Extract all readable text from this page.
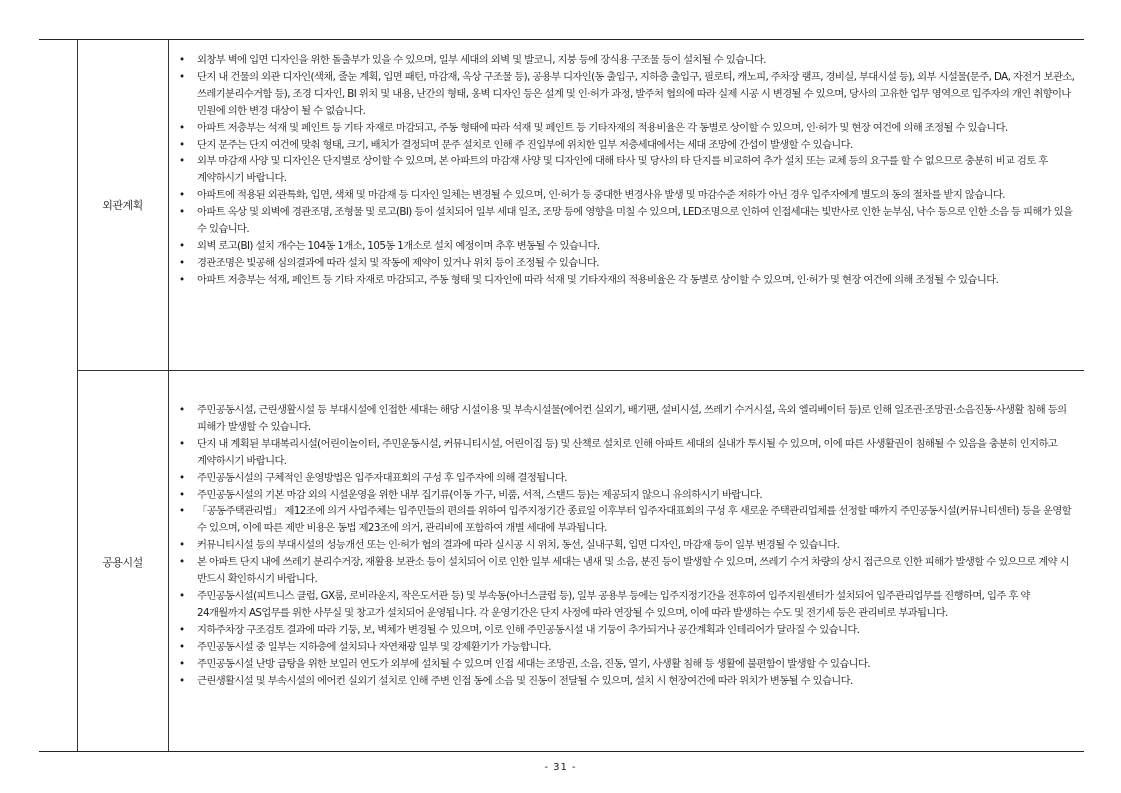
외관계획
• 외창부 벽에 입면 디자인을 위한 돌출부가 있을 수 있으며, 일부 세대의 외벽 및 발코니, 지붕 등에 장식용 구조물 등이 설치될 수 있습니다.
• 단지 내 건물의 외관 디자인(색채, 줄눈 계획, 입면 패턴, 마감재, 옥상 구조물 등), 공용부 디자인(동 출입구, 지하층 출입구, 필로티, 캐노피, 주차장 램프, 경비실, 부대시설 등), 외부 시설물(문주, DA, 자전거 보관소, 쓰레기분리수거함 등), 조경 디자인, BI 위치 및 내용, 난간의 형태, 옹벽 디자인 등은 설계 및 인·허가 과정, 발주처 협의에 따라 실제 시공 시 변경될 수 있으며, 당사의 고유한 업무 영역으로 입주자의 개인 취향이나 민원에 의한 변경 대상이 될 수 없습니다.
• 아파트 저층부는 석재 및 페인트 등 기타 자재로 마감되고, 주동 형태에 따라 석재 및 페인트 등 기타자재의 적용비율은 각 동별로 상이할 수 있으며, 인·허가 및 현장 여건에 의해 조정될 수 있습니다.
• 단지 문주는 단지 여건에 맞춰 형태, 크기, 배치가 결정되며 문주 설치로 인해 주 진입부에 위치한 일부 저층세대에서는 세대 조망에 간섭이 발생할 수 있습니다.
• 외부 마감재 사양 및 디자인은 단지별로 상이할 수 있으며, 본 아파트의 마감재 사양 및 디자인에 대해 타사 및 당사의 타 단지를 비교하여 추가 설치 또는 교체 등의 요구를 할 수 없으므로 충분히 비교 검토 후 계약하시기 바랍니다.
• 아파트에 적용된 외관특화, 입면, 색채 및 마감재 등 디자인 일체는 변경될 수 있으며, 인·허가 등 중대한 변경사유 발생 및 마감수준 저하가 아닌 경우 입주자에게 별도의 동의 절차를 받지 않습니다.
• 아파트 옥상 및 외벽에 경관조명, 조형물 및 로고(BI) 등이 설치되어 일부 세대 일조, 조망 등에 영향을 미칠 수 있으며, LED조명으로 인하여 인접세대는 빛반사로 인한 눈부심, 낙수 등으로 인한 소음 등 피해가 있을 수 있습니다.
• 외벽 로고(BI) 설치 개수는 104동 1개소, 105동 1개소로 설치 예정이며 추후 변동될 수 있습니다.
• 경관조명은 빛공해 심의결과에 따라 설치 및 작동에 제약이 있거나 위치 등이 조정될 수 있습니다.
• 아파트 저층부는 석재, 페인트 등 기타 자재로 마감되고, 주동 형태 및 디자인에 따라 석재 및 기타자재의 적용비율은 각 동별로 상이할 수 있으며, 인·허가 및 현장 여건에 의해 조정될 수 있습니다.
공용시설
• 주민공동시설, 근린생활시설 등 부대시설에 인접한 세대는 해당 시설이용 및 부속시설물(에어컨 실외기, 배기팬, 설비시설, 쓰레기 수거시설, 옥외 엘리베이터 등)로 인해 일조권·조망권·소음진동·사생활 침해 등의 피해가 발생할 수 있습니다.
• 단지 내 계획된 부대복리시설(어린이놀이터, 주민운동시설, 커뮤니티시설, 어린이집 등) 및 산책로 설치로 인해 아파트 세대의 실내가 투시될 수 있으며, 이에 따른 사생활권이 침해될 수 있음을 충분히 인지하고 계약하시기 바랍니다.
• 주민공동시설의 구체적인 운영방법은 입주자대표회의 구성 후 입주자에 의해 결정됩니다.
• 주민공동시설의 기본 마감 외의 시설운영을 위한 내부 집기류(이동 가구, 비품, 서적, 스탠드 등)는 제공되지 않으니 유의하시기 바랍니다.
• 「공동주택관리법」 제12조에 의거 사업주체는 입주민들의 편의를 위하여 입주지정기간 종료일 이후부터 입주자대표회의 구성 후 새로운 주택관리업체를 선정할 때까지 주민공동시설(커뮤니티센터) 등을 운영할 수 있으며, 이에 따른 제반 비용은 동법 제23조에 의거, 관리비에 포함하여 개별 세대에 부과됩니다.
• 커뮤니티시설 등의 부대시설의 성능개선 또는 인·허가 협의 결과에 따라 실시공 시 위치, 동선, 실내구획, 입면 디자인, 마감재 등이 일부 변경될 수 있습니다.
• 본 아파트 단지 내에 쓰레기 분리수거장, 재활용 보관소 등이 설치되어 이로 인한 일부 세대는 냄새 및 소음, 분진 등이 발생할 수 있으며, 쓰레기 수거 차량의 상시 접근으로 인한 피해가 발생할 수 있으므로 계약 시 반드시 확인하시기 바랍니다.
• 주민공동시설(피트니스 클럽, GX룸, 로비라운지, 작은도서관 등) 및 부속동(아너스클럽 등), 일부 공용부 등에는 입주지정기간을 전후하여 입주지원센터가 설치되어 입주관리업무를 진행하며, 입주 후 약 24개월까지 AS업무를 위한 사무실 및 창고가 설치되어 운영됩니다. 각 운영기간은 단지 사정에 따라 연장될 수 있으며, 이에 따라 발생하는 수도 및 전기세 등은 관리비로 부과됩니다.
• 지하주차장 구조검토 결과에 따라 기둥, 보, 벽체가 변경될 수 있으며, 이로 인해 주민공동시설 내 기둥이 추가되거나 공간계획과 인테리어가 달라질 수 있습니다.
• 주민공동시설 중 일부는 지하층에 설치되나 자연채광 일부 및 강제환기가 가능합니다.
• 주민공동시설 난방 급탕을 위한 보일러 연도가 외부에 설치될 수 있으며 인접 세대는 조망권, 소음, 진동, 열기, 사생활 침해 등 생활에 불편함이 발생할 수 있습니다.
• 근린생활시설 및 부속시설의 에어컨 실외기 설치로 인해 주변 인접 동에 소음 및 진동이 전달될 수 있으며, 설치 시 현장여건에 따라 위치가 변동될 수 있습니다.
- 31 -
